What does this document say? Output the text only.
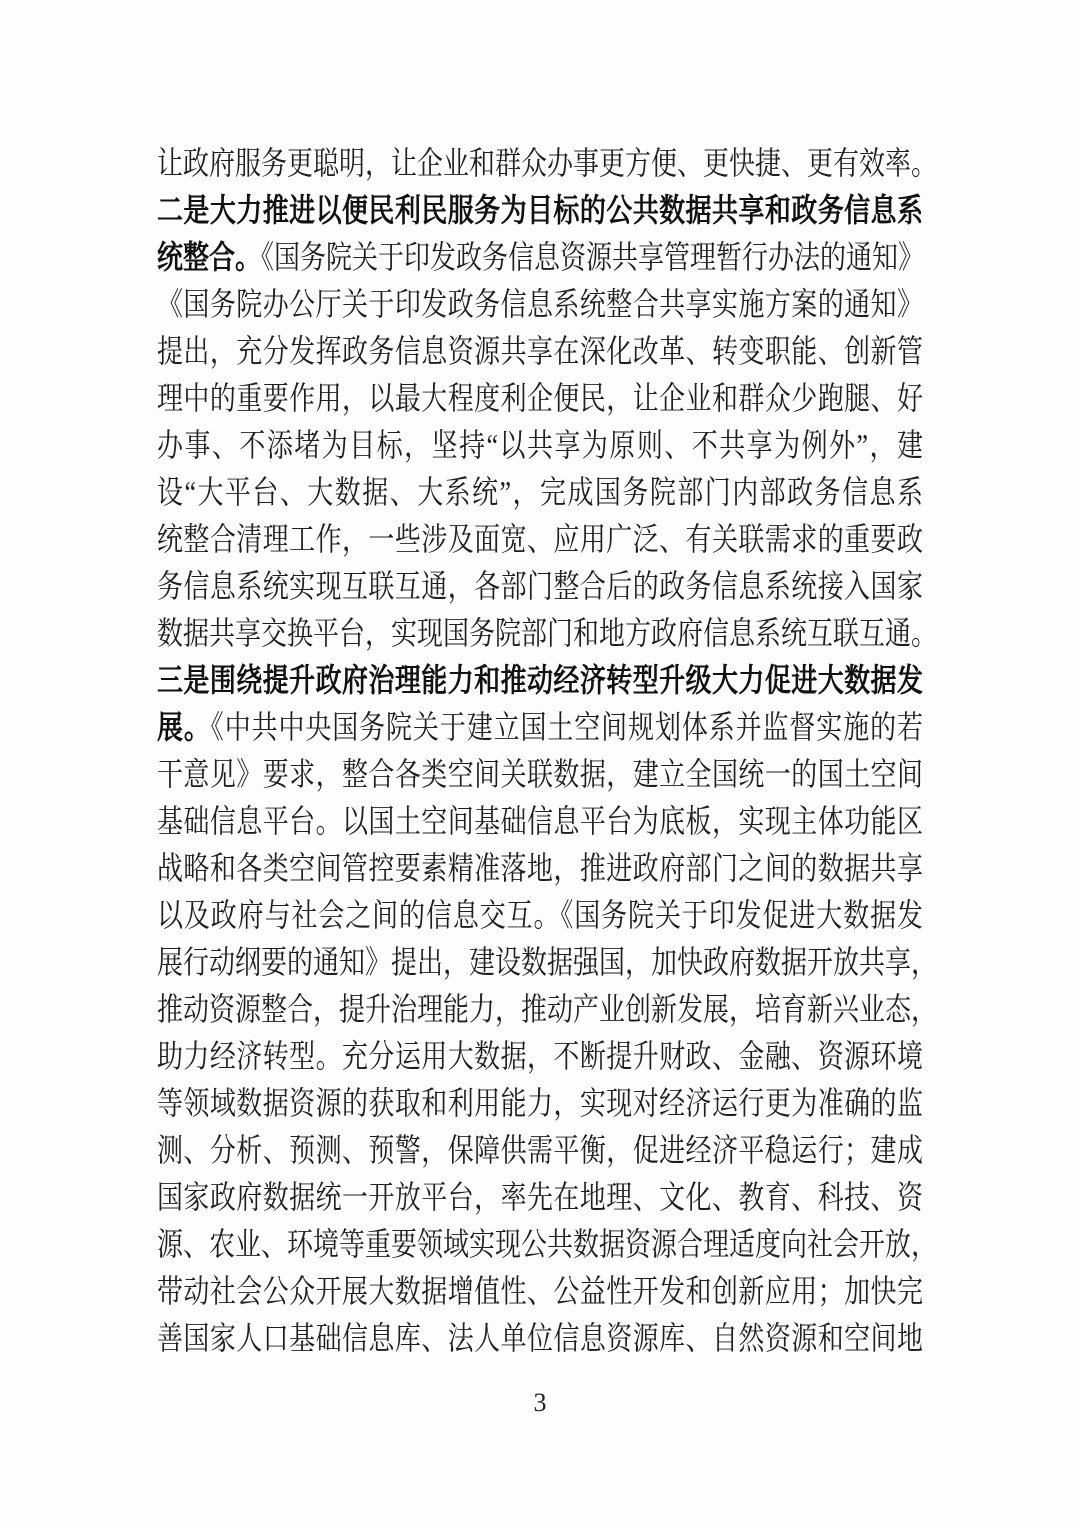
让政府服务更聪明，让企业和群众办事更方便、更快捷、更有效率。
二是大力推进以便民利民服务为目标的公共数据共享和政务信息系
统整合。《国务院关于印发政务信息资源共享管理暂行办法的通知》
《国务院办公厅关于印发政务信息系统整合共享实施方案的通知》
提出，充分发挥政务信息资源共享在深化改革、转变职能、创新管
理中的重要作用，以最大程度利企便民，让企业和群众少跑腿、好
办事、不添堵为目标，坚持“以共享为原则、不共享为例外”，建
设“大平台、大数据、大系统”，完成国务院部门内部政务信息系
统整合清理工作，一些涉及面宽、应用广泛、有关联需求的重要政
务信息系统实现互联互通，各部门整合后的政务信息系统接入国家
数据共享交换平台，实现国务院部门和地方政府信息系统互联互通。
三是围绕提升政府治理能力和推动经济转型升级大力促进大数据发
展。《中共中央国务院关于建立国土空间规划体系并监督实施的若
干意见》要求，整合各类空间关联数据，建立全国统一的国土空间
基础信息平台。以国土空间基础信息平台为底板，实现主体功能区
战略和各类空间管控要素精准落地，推进政府部门之间的数据共享
以及政府与社会之间的信息交互。《国务院关于印发促进大数据发
展行动纲要的通知》提出，建设数据强国，加快政府数据开放共享，
推动资源整合，提升治理能力，推动产业创新发展，培育新兴业态，
助力经济转型。充分运用大数据，不断提升财政、金融、资源环境
等领域数据资源的获取和利用能力，实现对经济运行更为准确的监
测、分析、预测、预警，保障供需平衡，促进经济平稳运行；建成
国家政府数据统一开放平台，率先在地理、文化、教育、科技、资
源、农业、环境等重要领域实现公共数据资源合理适度向社会开放，
带动社会公众开展大数据增值性、公益性开发和创新应用；加快完
善国家人口基础信息库、法人单位信息资源库、自然资源和空间地
3
